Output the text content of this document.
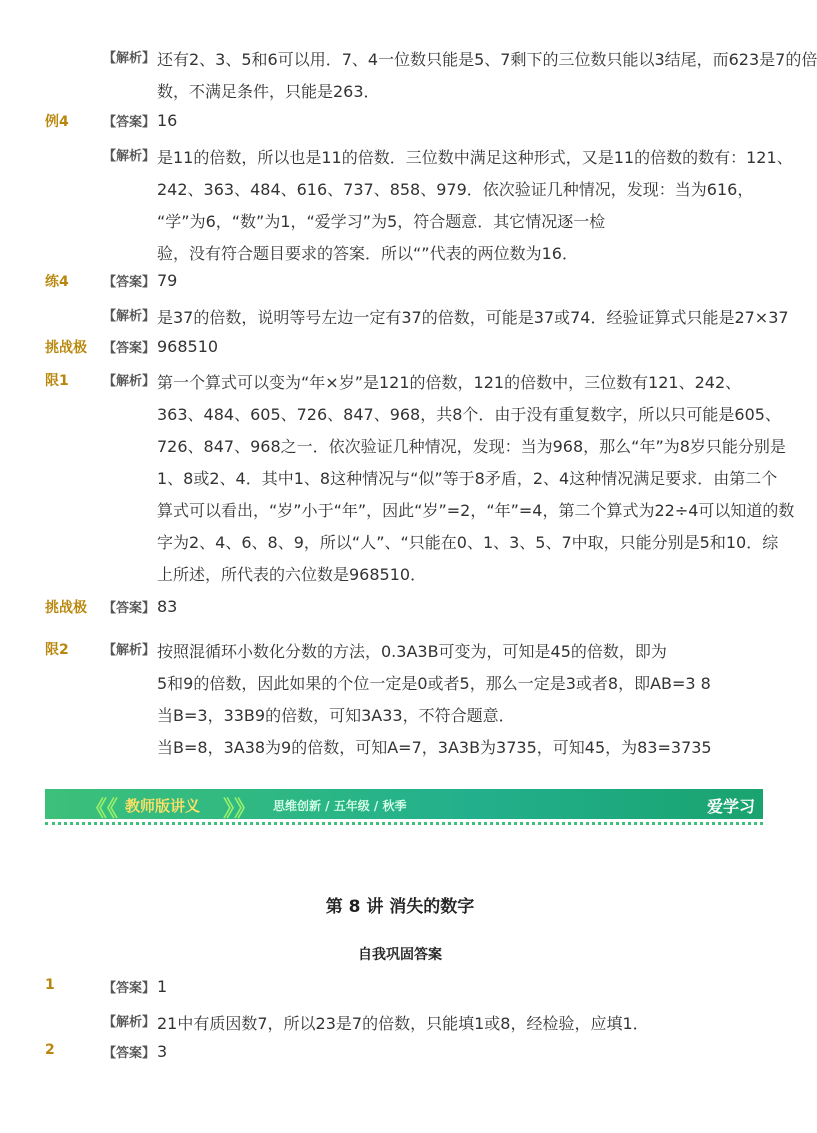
【解析】 还有2、3、5和6可以用．7、4一位数只能是5、7剩下的三位数只能以3结尾，而623是7的倍
数，不满足条件，只能是263．
例4	【答案】 16
【解析】 是11的倍数，所以也是11的倍数．三位数中满足这种形式，又是11的倍数的数有：121、
242、363、484、616、737、858、979．依次验证几种情况，发现：当为616，
“学”为6，“数”为1，“爱学习”为5，符合题意．其它情况逐一检
验，没有符合题目要求的答案．所以“”代表的两位数为16．
练4	【答案】 79
【解析】 是37的倍数，说明等号左边一定有37的倍数，可能是37或74．经验证算式只能是27×37
挑战极 【答案】 968510
限1	【解析】 第一个算式可以变为“年×岁”是121的倍数，121的倍数中，三位数有121、242、
363、484、605、726、847、968，共8个．由于没有重复数字，所以只可能是605、
726、847、968之一．依次验证几种情况，发现：当为968，那么“年”为8岁只能分别是
1、8或2、4．其中1、8这种情况与“似”等于8矛盾，2、4这种情况满足要求．由第二个
算式可以看出，“岁”小于“年”，因此“岁”=2，“年”=4，第二个算式为22÷4可以知道的数
字为2、4、6、8、9，所以“人”、“只能在0、1、3、5、7中取，只能分别是5和10．综
上所述，所代表的六位数是968510．
挑战极 【答案】 83
限2	【解析】 按照混循环小数化分数的方法，0.3A3B可变为，可知是45的倍数，即为
5和9的倍数，因此如果的个位一定是0或者5，那么一定是3或者8，即AB=3 8
当B=3，33B9的倍数，可知3A33，不符合题意．
当B=8，3A38为9的倍数，可知A=7，3A3B为3735，可知45，为83=3735
1	【答案】 1
【解析】 21中有质因数7，所以23是7的倍数，只能填1或8，经检验，应填1．
2	【答案】 3
《《 教师版讲义 》》 思维创新 / 五年级 / 秋季	爱学习
第 8 讲 消失的数字
自我巩固答案
